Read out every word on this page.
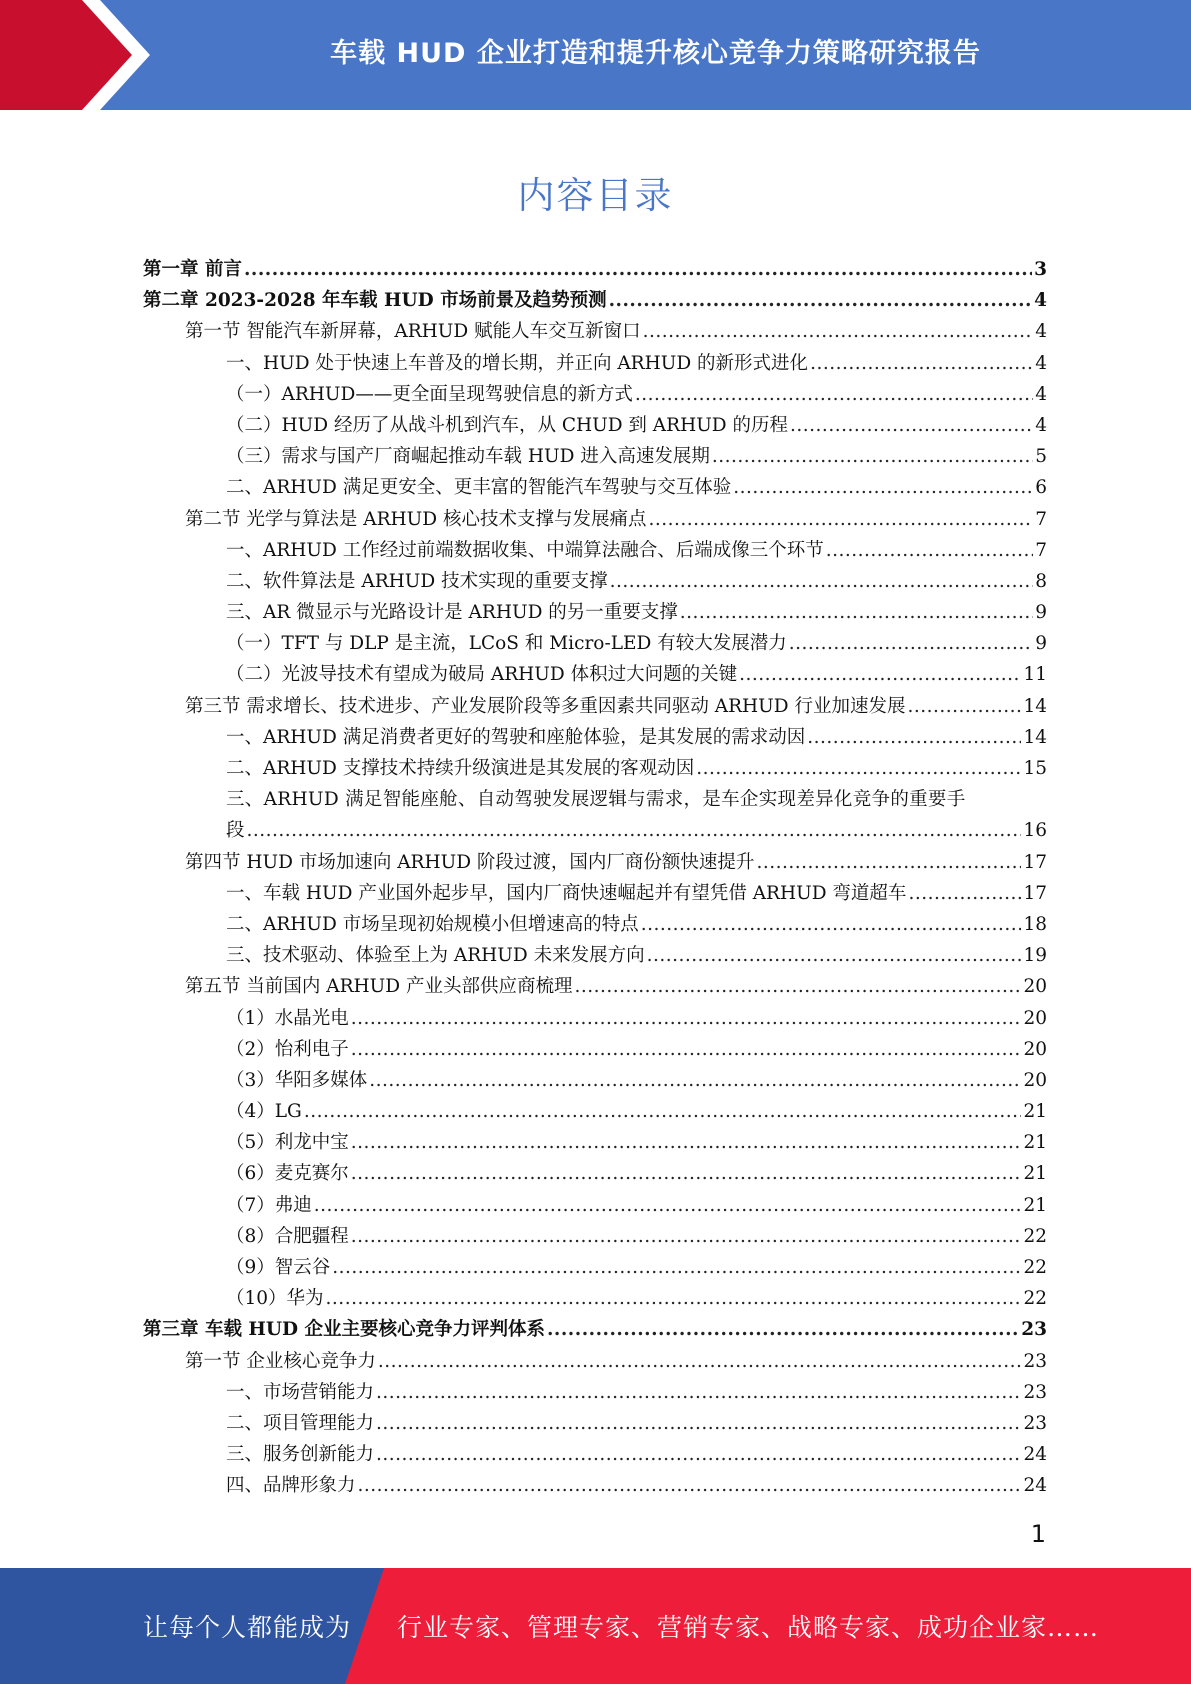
车载 HUD 企业打造和提升核心竞争力策略研究报告
内容目录
第一章 前言 .....	3
第二章 2023-2028 年车载 HUD 市场前景及趋势预测 .....	4
第一节 智能汽车新屏幕，ARHUD 赋能人车交互新窗口 .....	4
一、HUD 处于快速上车普及的增长期，并正向 ARHUD 的新形式进化 .....	4
（一）ARHUD——更全面呈现驾驶信息的新方式 .....	4
（二）HUD 经历了从战斗机到汽车，从 CHUD 到 ARHUD 的历程 .....	4
（三）需求与国产厂商崛起推动车载 HUD 进入高速发展期 .....	5
二、ARHUD 满足更安全、更丰富的智能汽车驾驶与交互体验 .....	6
第二节 光学与算法是 ARHUD 核心技术支撑与发展痛点 .....	7
一、ARHUD 工作经过前端数据收集、中端算法融合、后端成像三个环节 .....	7
二、软件算法是 ARHUD 技术实现的重要支撑 .....	8
三、AR 微显示与光路设计是 ARHUD 的另一重要支撑 .....	9
（一）TFT 与 DLP 是主流，LCoS 和 Micro-LED 有较大发展潜力 .....	9
（二）光波导技术有望成为破局 ARHUD 体积过大问题的关键 .....	11
第三节 需求增长、技术进步、产业发展阶段等多重因素共同驱动 ARHUD 行业加速发展 .....	14
一、ARHUD 满足消费者更好的驾驶和座舱体验，是其发展的需求动因 .....	14
二、ARHUD 支撑技术持续升级演进是其发展的客观动因 .....	15
三、ARHUD 满足智能座舱、自动驾驶发展逻辑与需求，是车企实现差异化竞争的重要手
段 .....	16
第四节 HUD 市场加速向 ARHUD 阶段过渡，国内厂商份额快速提升 .....	17
一、车载 HUD 产业国外起步早，国内厂商快速崛起并有望凭借 ARHUD 弯道超车 .....	17
二、ARHUD 市场呈现初始规模小但增速高的特点 .....	18
三、技术驱动、体验至上为 ARHUD 未来发展方向 .....	19
第五节 当前国内 ARHUD 产业头部供应商梳理 .....	20
（1）水晶光电 .....	20
（2）怡利电子 .....	20
（3）华阳多媒体 .....	20
（4）LG .....	21
（5）利龙中宝 .....	21
（6）麦克赛尔 .....	21
（7）弗迪 .....	21
（8）合肥疆程 .....	22
（9）智云谷 .....	22
（10）华为 .....	22
第三章 车载 HUD 企业主要核心竞争力评判体系 .....	23
第一节 企业核心竞争力 .....	23
一、市场营销能力 .....	23
二、项目管理能力 .....	23
三、服务创新能力 .....	24
四、品牌形象力 .....	24
1
让每个人都能成为 行业专家、管理专家、营销专家、战略专家、成功企业家……
